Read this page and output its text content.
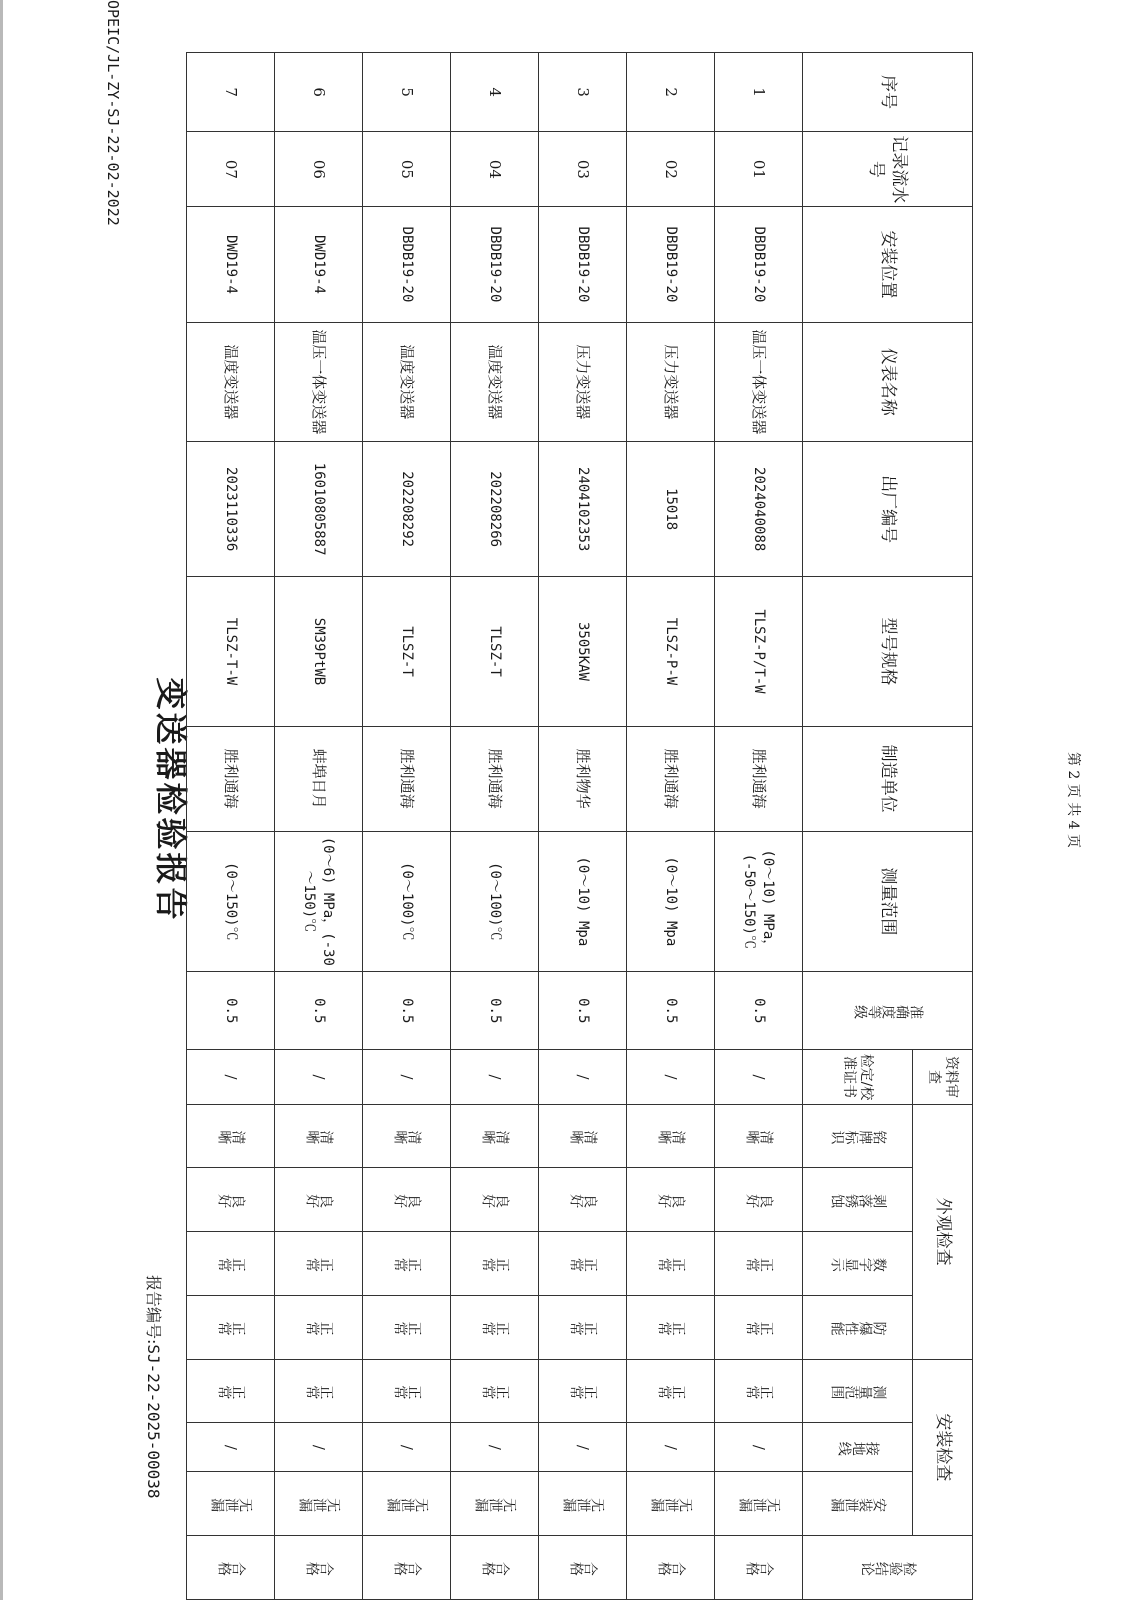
OPEIC/JL-ZY-SJ-22-02-2022
变送器检验报告
报告编号:SJ-22-2025-00038
序号	记录流水号	安装位置	仪表名称	出厂编号	型号规格	制造单位	测量范围	准确度等级	资料审查	外观检查				安装检查			检验结论
									检定/校准证书	铭牌标识	剥落锈蚀	数字显示	防爆性能	测量范围	接地线	安装泄漏	
1	01	DBDB19-20	温压一体变送器	2024040088	TLSZ-P/T-W	胜利通海	(0～10) MPa，(-50～150)℃	0.5	/	清晰	良好	正常	正常	正常	/	无泄漏	合格
2	02	DBDB19-20	压力变送器	15018	TLSZ-P-W	胜利通海	(0～10) Mpa	0.5	/	清晰	良好	正常	正常	正常	/	无泄漏	合格
3	03	DBDB19-20	压力变送器	2404102353	3505KAW	胜利物华	(0～10) Mpa	0.5	/	清晰	良好	正常	正常	正常	/	无泄漏	合格
4	04	DBDB19-20	温度变送器	202208266	TLSZ-T	胜利通海	(0～100)℃	0.5	/	清晰	良好	正常	正常	正常	/	无泄漏	合格
5	05	DBDB19-20	温度变送器	202208292	TLSZ-T	胜利通海	(0～100)℃	0.5	/	清晰	良好	正常	正常	正常	/	无泄漏	合格
6	06	DWD19-4	温压一体变送器	16010805887	SM39PtWB	蚌埠日月	(0～6) MPa，(-30～150)℃	0.5	/	清晰	良好	正常	正常	正常	/	无泄漏	合格
7	07	DWD19-4	温度变送器	2023110336	TLSZ-T-W	胜利通海	(0～150)℃	0.5	/	清晰	良好	正常	正常	正常	/	无泄漏	合格
第 2 页 共 4 页
